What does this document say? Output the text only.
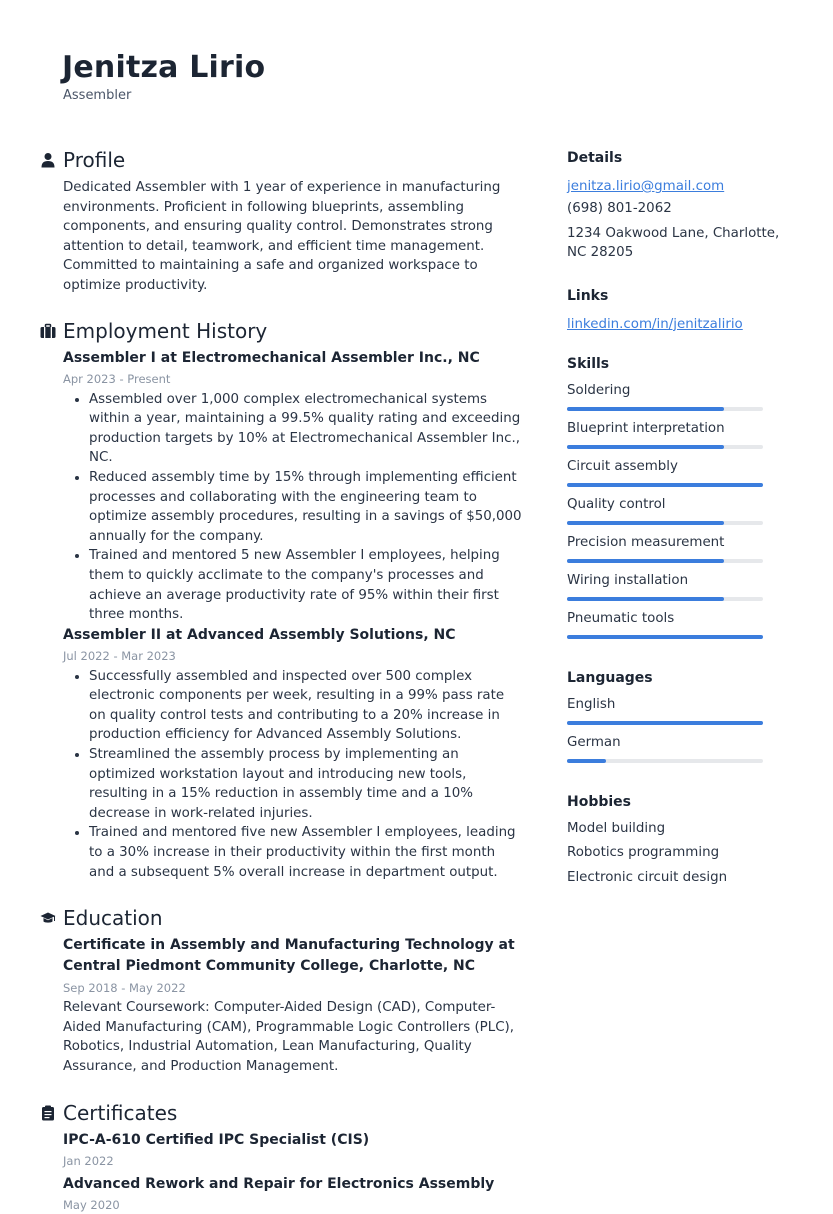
Jenitza Lirio
Assembler
Profile
Dedicated Assembler with 1 year of experience in manufacturing environments. Proficient in following blueprints, assembling components, and ensuring quality control. Demonstrates strong attention to detail, teamwork, and efficient time management. Committed to maintaining a safe and organized workspace to optimize productivity.
Employment History
Assembler I at Electromechanical Assembler Inc., NC
Apr 2023 - Present
• Assembled over 1,000 complex electromechanical systems within a year, maintaining a 99.5% quality rating and exceeding production targets by 10% at Electromechanical Assembler Inc., NC.
• Reduced assembly time by 15% through implementing efficient processes and collaborating with the engineering team to optimize assembly procedures, resulting in a savings of $50,000 annually for the company.
• Trained and mentored 5 new Assembler I employees, helping them to quickly acclimate to the company's processes and achieve an average productivity rate of 95% within their first three months.
Assembler II at Advanced Assembly Solutions, NC
Jul 2022 - Mar 2023
• Successfully assembled and inspected over 500 complex electronic components per week, resulting in a 99% pass rate on quality control tests and contributing to a 20% increase in production efficiency for Advanced Assembly Solutions.
• Streamlined the assembly process by implementing an optimized workstation layout and introducing new tools, resulting in a 15% reduction in assembly time and a 10% decrease in work-related injuries.
• Trained and mentored five new Assembler I employees, leading to a 30% increase in their productivity within the first month and a subsequent 5% overall increase in department output.
Education
Certificate in Assembly and Manufacturing Technology at Central Piedmont Community College, Charlotte, NC
Sep 2018 - May 2022
Relevant Coursework: Computer-Aided Design (CAD), Computer-Aided Manufacturing (CAM), Programmable Logic Controllers (PLC), Robotics, Industrial Automation, Lean Manufacturing, Quality Assurance, and Production Management.
Certificates
IPC-A-610 Certified IPC Specialist (CIS)
Jan 2022
Advanced Rework and Repair for Electronics Assembly
May 2020
Details
jenitza.lirio@gmail.com
(698) 801-2062
1234 Oakwood Lane, Charlotte, NC 28205
Links
linkedin.com/in/jenitzalirio
Skills
Soldering
Blueprint interpretation
Circuit assembly
Quality control
Precision measurement
Wiring installation
Pneumatic tools
Languages
English
German
Hobbies
Model building
Robotics programming
Electronic circuit design
